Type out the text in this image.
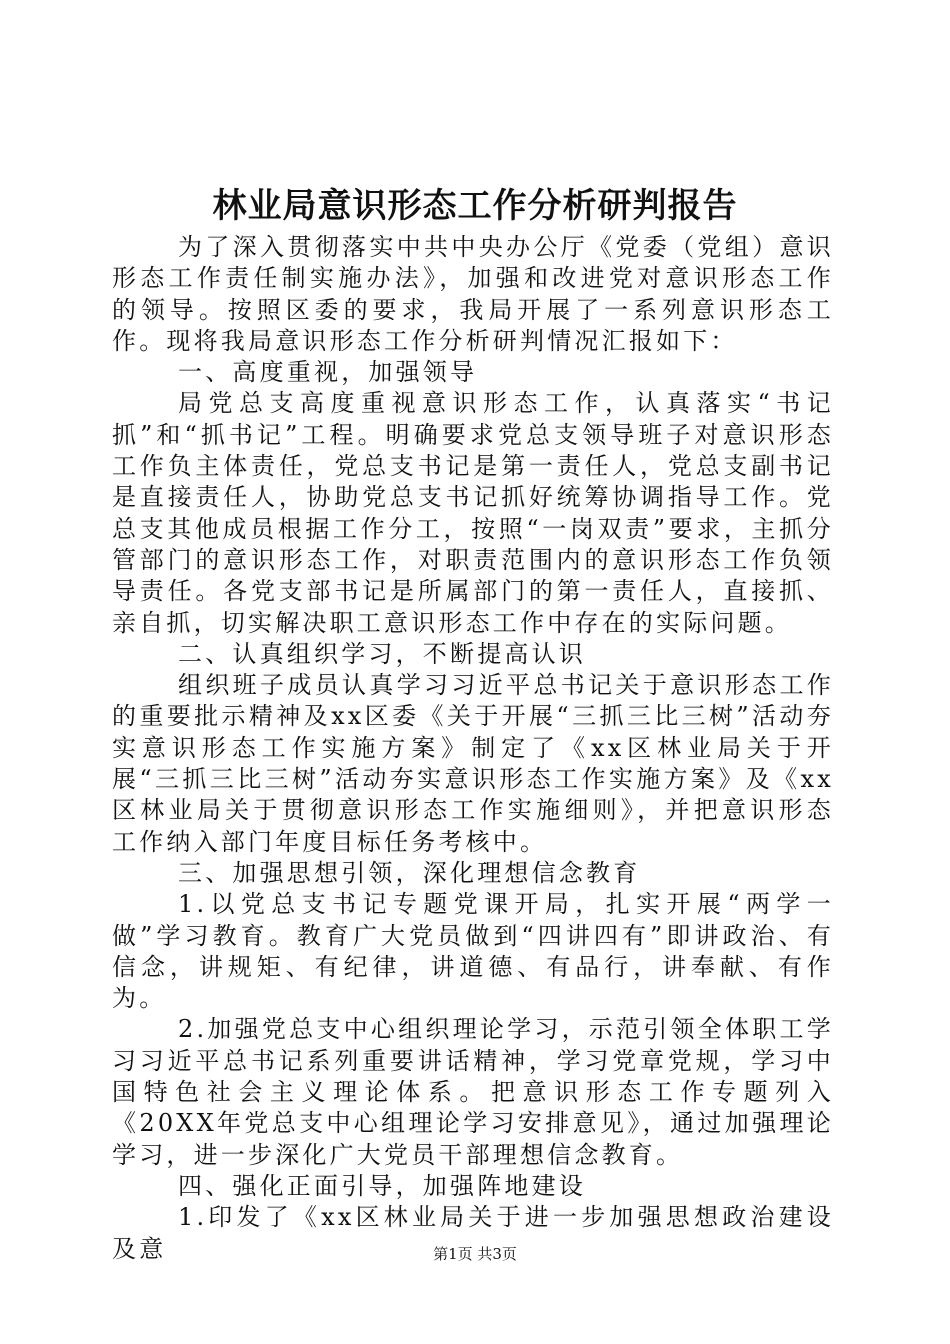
林业局意识形态工作分析研判报告

为了深入贯彻落实中共中央办公厅《党委（党组）意识形态工作责任制实施办法》，加强和改进党对意识形态工作的领导。按照区委的要求，我局开展了一系列意识形态工作。现将我局意识形态工作分析研判情况汇报如下：

一、高度重视，加强领导

局党总支高度重视意识形态工作，认真落实“书记抓”和“抓书记”工程。明确要求党总支领导班子对意识形态工作负主体责任，党总支书记是第一责任人，党总支副书记是直接责任人，协助党总支书记抓好统筹协调指导工作。党总支其他成员根据工作分工，按照“一岗双责”要求，主抓分管部门的意识形态工作，对职责范围内的意识形态工作负领导责任。各党支部书记是所属部门的第一责任人，直接抓、亲自抓，切实解决职工意识形态工作中存在的实际问题。

二、认真组织学习，不断提高认识

组织班子成员认真学习习近平总书记关于意识形态工作的重要批示精神及xx区委《关于开展“三抓三比三树”活动夯实意识形态工作实施方案》制定了《xx区林业局关于开展“三抓三比三树”活动夯实意识形态工作实施方案》及《xx区林业局关于贯彻意识形态工作实施细则》，并把意识形态工作纳入部门年度目标任务考核中。

三、加强思想引领，深化理想信念教育

1.以党总支书记专题党课开局，扎实开展“两学一做”学习教育。教育广大党员做到“四讲四有”即讲政治、有信念，讲规矩、有纪律，讲道德、有品行，讲奉献、有作为。

2.加强党总支中心组织理论学习，示范引领全体职工学习习近平总书记系列重要讲话精神，学习党章党规，学习中国特色社会主义理论体系。把意识形态工作专题列入《20XX年党总支中心组理论学习安排意见》，通过加强理论学习，进一步深化广大党员干部理想信念教育。

四、强化正面引导，加强阵地建设

1.印发了《xx区林业局关于进一步加强思想政治建设及意	第1页 共3页
